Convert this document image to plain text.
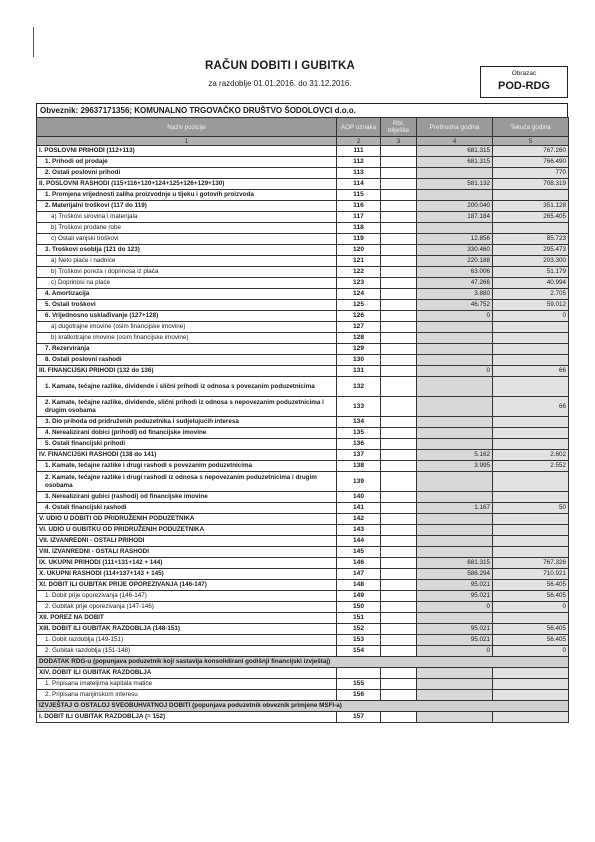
RAČUN DOBITI I GUBITKA
za razdoblje 01.01.2016. do 31.12.2016.
Obrazac
POD-RDG
Obveznik: 29637171356; KOMUNALNO TRGOVAČKO DRUŠTVO ŠODOLOVCI d.o.o.
Naziv pozicije	AOP oznaka	Rbr. bilješke	Prethodna godina	Tekuća godina
1	2	3	4	5
I. POSLOVNI PRIHODI (112+113)	111		681.315	767.260
1. Prihodi od prodaje	112		681.315	766.490
2. Ostali poslovni prihodi	113			770
II. POSLOVNI RASHODI (115+116+120+124+125+126+129+130)	114		581.132	708.319
1. Promjena vrijednosti zaliha proizvodnje u tijeku i gotovih proizvoda	115			
2. Materijalni troškovi (117 do 119)	116		200.040	351.128
a) Troškovi sirovina i materijala	117		187.184	265.405
b) Troškovi prodane robe	118			
c) Ostali vanjski troškovi	119		12.856	85.723
3. Troškovi osoblja (121 do 123)	120		330.460	295.473
a) Neto plaće i nadnice	121		220.188	203.300
b) Troškovi poreza i doprinosa iz plaća	122		63.006	51.179
c) Doprinosi na plaće	123		47.266	40.994
4. Amortizacija	124		3.880	2.705
5. Ostali troškovi	125		46.752	59.012
6. Vrijednosno usklađivanje (127+128)	126		0	0
a) dugotrajne imovine (osim financijske imovine)	127			
b) kratkotrajne imovine (osim financijske imovine)	128			
7. Rezerviranja	129			
8. Ostali poslovni rashodi	130			
III. FINANCIJSKI PRIHODI (132 do 136)	131		0	66
1. Kamate, tečajne razlike, dividende i slični prihodi iz odnosa s povezanim poduzetnicima	132			
2. Kamate, tečajne razlike, dividende, slični prihodi iz odnosa s nepovezanim poduzetnicima i drugim osobama	133			66
3. Dio prihoda od pridruženih poduzetnika i sudjelujućih interesa	134			
4. Nerealizirani dobici (prihodi) od financijske imovine	135			
5. Ostali financijski prihodi	136			
IV. FINANCIJSKI RASHODI (138 do 141)	137		5.162	2.602
1. Kamate, tečajne razlike i drugi rashodi s povezanim poduzetnicima	138		3.995	2.552
2. Kamate, tečajne razlike i drugi rashodi iz odnosa s nepovezanim poduzetnicima i drugim osobama	139			
3. Nerealizirani gubici (rashodi) od financijske imovine	140			
4. Ostali financijski rashodi	141		1.167	50
V. UDIO U DOBITI OD PRIDRUŽENIH PODUZETNIKA	142			
VI. UDIO U GUBITKU OD PRIDRUŽENIH PODUZETNIKA	143			
VII. IZVANREDNI - OSTALI PRIHODI	144			
VIII. IZVANREDNI - OSTALI RASHODI	145			
IX. UKUPNI PRIHODI (111+131+142 + 144)	146		681.315	767.326
X. UKUPNI RASHODI (114+137+143 + 145)	147		586.294	710.921
XI. DOBIT ILI GUBITAK PRIJE OPOREZIVANJA (146-147)	148		95.021	56.405
1. Dobit prije oporezivanja (146-147)	149		95.021	56.405
2. Gubitak prije oporezivanja (147-146)	150		0	0
XII. POREZ NA DOBIT	151			
XIII. DOBIT ILI GUBITAK RAZDOBLJA (148-151)	152		95.021	56.405
1. Dobit razdoblja (149-151)	153		95.021	56.405
2. Gubitak razdoblja (151-148)	154		0	0
DODATAK RDG-u (popunjava poduzetnik koji sastavlja konsolidirani godišnji financijski izvještaj)				
XIV. DOBIT ILI GUBITAK RAZDOBLJA				
1. Pripisana imateljima kapitala matice	155			
2. Pripisana manjinskom interesu	156			
IZVJEŠTAJ O OSTALOJ SVEOBUHVATNOJ DOBITI (popunjava poduzetnik obveznik primjene MSFI-a)				
I. DOBIT ILI GUBITAK RAZDOBLJA (= 152)	157			
